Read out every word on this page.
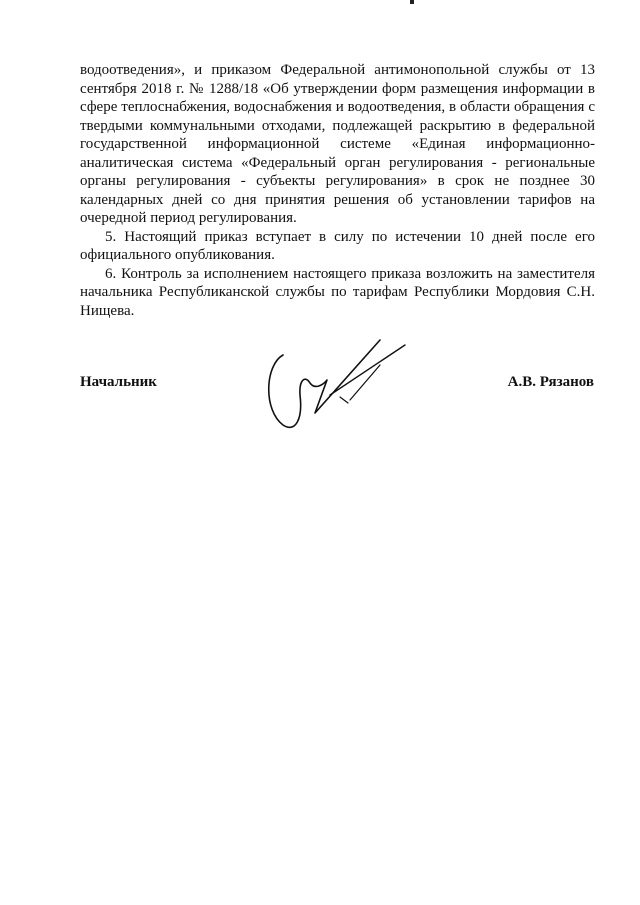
водоотведения», и приказом Федеральной антимонопольной службы от 13 сентября 2018 г. № 1288/18 «Об утверждении форм размещения информации в сфере теплоснабжения, водоснабжения и водоотведения, в области обращения с твердыми коммунальными отходами, подлежащей раскрытию в федеральной государственной информационной системе «Единая информационно-аналитическая система «Федеральный орган регулирования - региональные органы регулирования - субъекты регулирования» в срок не позднее 30 календарных дней со дня принятия решения об установлении тарифов на очередной период регулирования.

5. Настоящий приказ вступает в силу по истечении 10 дней после его официального опубликования.

6. Контроль за исполнением настоящего приказа возложить на заместителя начальника Республиканской службы по тарифам Республики Мордовия С.Н. Нищева.

Начальник	А.В. Рязанов
